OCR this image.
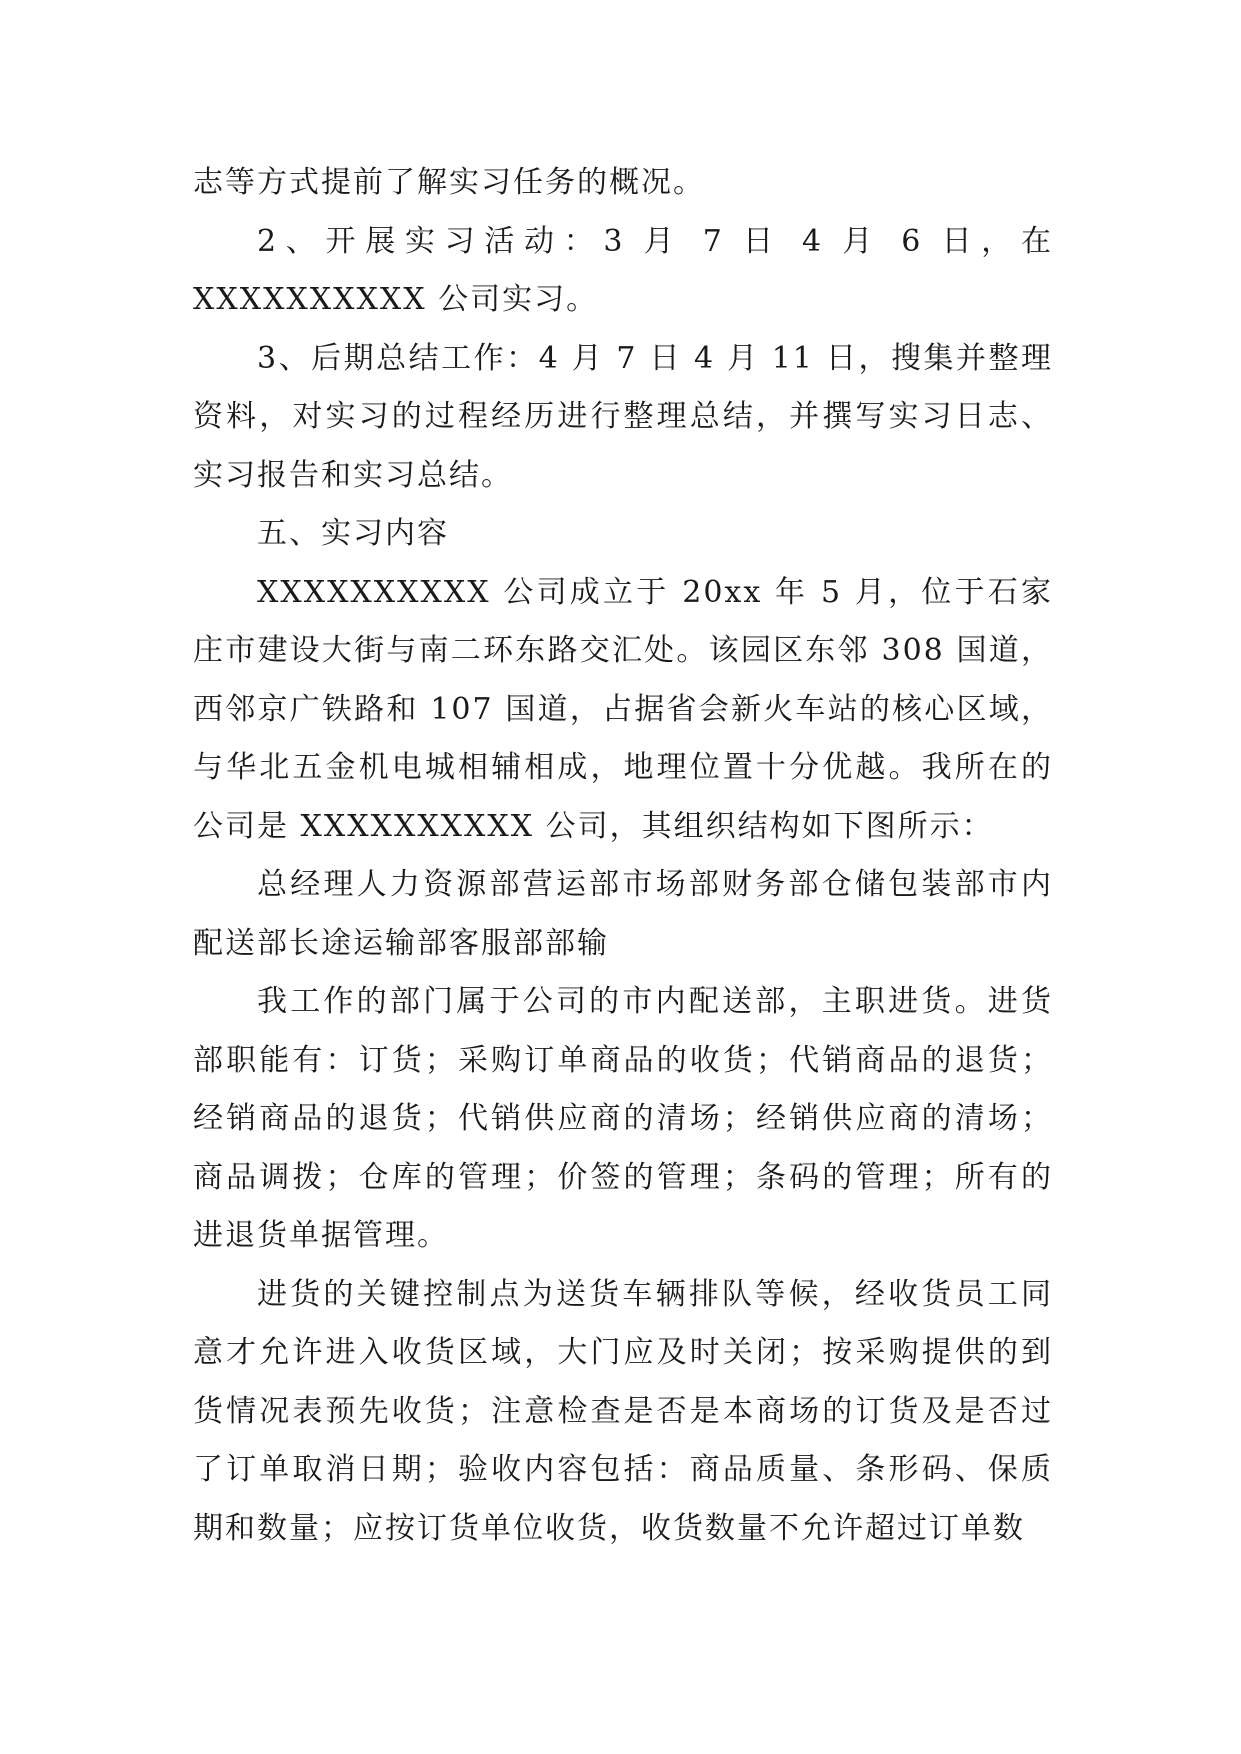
志等方式提前了解实习任务的概况。

2、开展实习活动：3 月 7 日 4 月 6 日，在 XXXXXXXXXX 公司实习。

3、后期总结工作：4 月 7 日 4 月 11 日，搜集并整理资料，对实习的过程经历进行整理总结，并撰写实习日志、实习报告和实习总结。

五、实习内容

XXXXXXXXXX 公司成立于 20xx 年 5 月，位于石家庄市建设大街与南二环东路交汇处。该园区东邻 308 国道，西邻京广铁路和 107 国道，占据省会新火车站的核心区域，与华北五金机电城相辅相成，地理位置十分优越。我所在的公司是 XXXXXXXXXX 公司，其组织结构如下图所示：

总经理人力资源部营运部市场部财务部仓储包装部市内配送部长途运输部客服部部输

我工作的部门属于公司的市内配送部，主职进货。进货部职能有：订货；采购订单商品的收货；代销商品的退货；经销商品的退货；代销供应商的清场；经销供应商的清场；商品调拨；仓库的管理；价签的管理；条码的管理；所有的进退货单据管理。

进货的关键控制点为送货车辆排队等候，经收货员工同意才允许进入收货区域，大门应及时关闭；按采购提供的到货情况表预先收货；注意检查是否是本商场的订货及是否过了订单取消日期；验收内容包括：商品质量、条形码、保质期和数量；应按订货单位收货，收货数量不允许超过订单数
